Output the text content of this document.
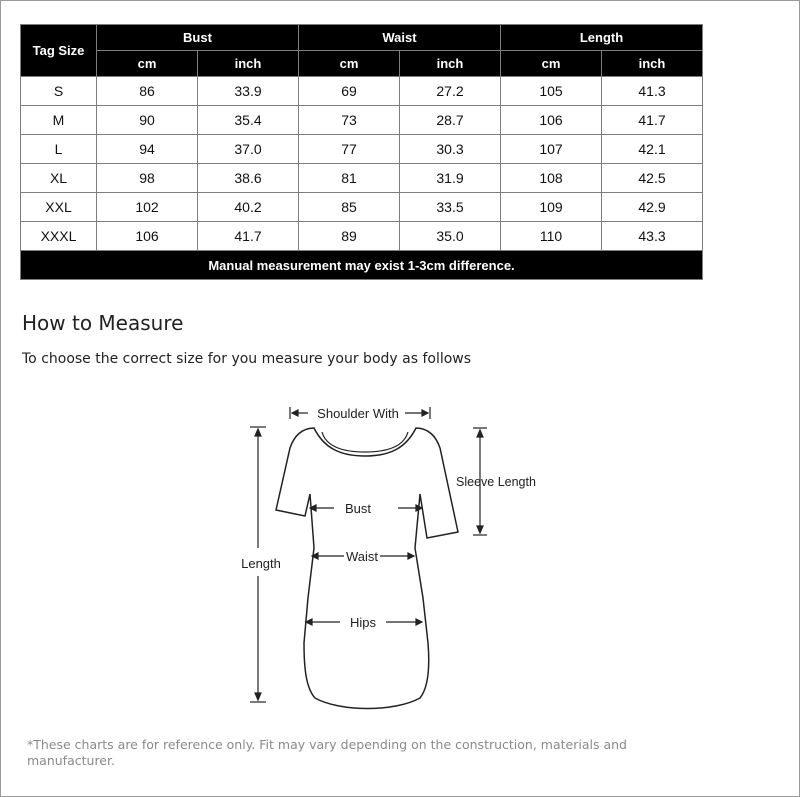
Tag Size	Bust		Waist		Length	
	cm	inch	cm	inch	cm	inch
S	86	33.9	69	27.2	105	41.3
M	90	35.4	73	28.7	106	41.7
L	94	37.0	77	30.3	107	42.1
XL	98	38.6	81	31.9	108	42.5
XXL	102	40.2	85	33.5	109	42.9
XXXL	106	41.7	89	35.0	110	43.3
Manual measurement may exist 1-3cm difference.						
How to Measure

To choose the correct size for you measure your body as follows

Shoulder With
Sleeve Length
Bust
Waist
Hips
Length

*These charts are for reference only. Fit may vary depending on the construction, materials and manufacturer.
